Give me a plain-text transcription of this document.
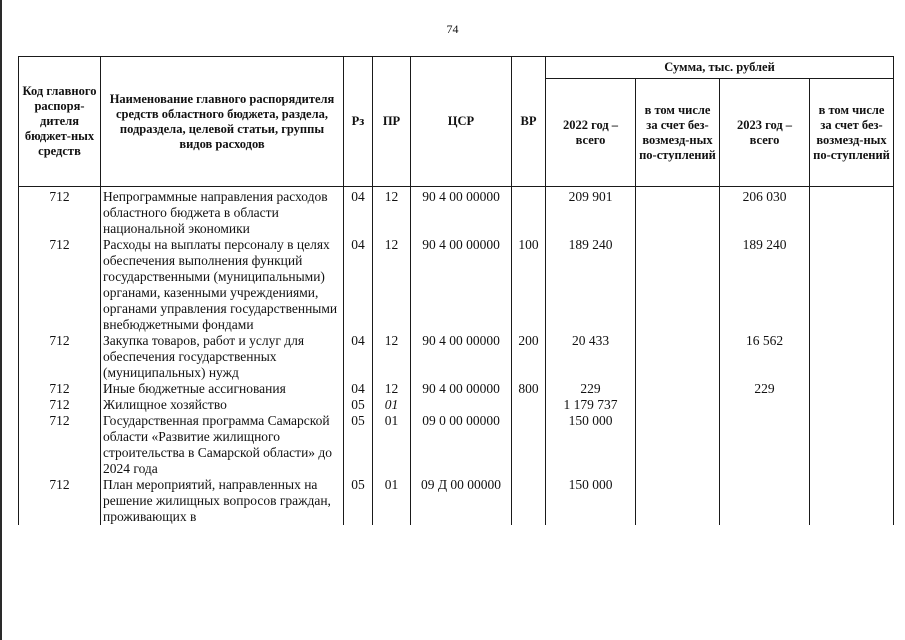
74
Код главного распоря-дителя бюджет-ных средств	Наименование главного распорядителя средств областного бюджета, раздела, подраздела, целевой статьи, группы видов расходов	Рз	ПР	ЦСР	ВР	Сумма, тыс. рублей			
						2022 год – всего	в том числе за счет без-возмезд-ных по-ступлений	2023 год – всего	в том числе за счет без-возмезд-ных по-ступлений
712	Непрограммные направления расходов областного бюджета в области национальной экономики	04	12	90 4 00 00000		209 901		206 030	
712	Расходы на выплаты персоналу в целях обеспечения выполнения функций государственными (муниципальными) органами, казенными учреждениями, органами управления государственными внебюджетными фондами	04	12	90 4 00 00000	100	189 240		189 240	
712	Закупка товаров, работ и услуг для обеспечения государственных (муниципальных) нужд	04	12	90 4 00 00000	200	20 433		16 562	
712	Иные бюджетные ассигнования	04	12	90 4 00 00000	800	229		229	
712	Жилищное хозяйство	05	01			1 179 737			
712	Государственная программа Самарской области «Развитие жилищного строительства в Самарской области» до 2024 года	05	01	09 0 00 00000		150 000			
712	План мероприятий, направленных на решение жилищных вопросов граждан, проживающих в	05	01	09 Д 00 00000		150 000			
